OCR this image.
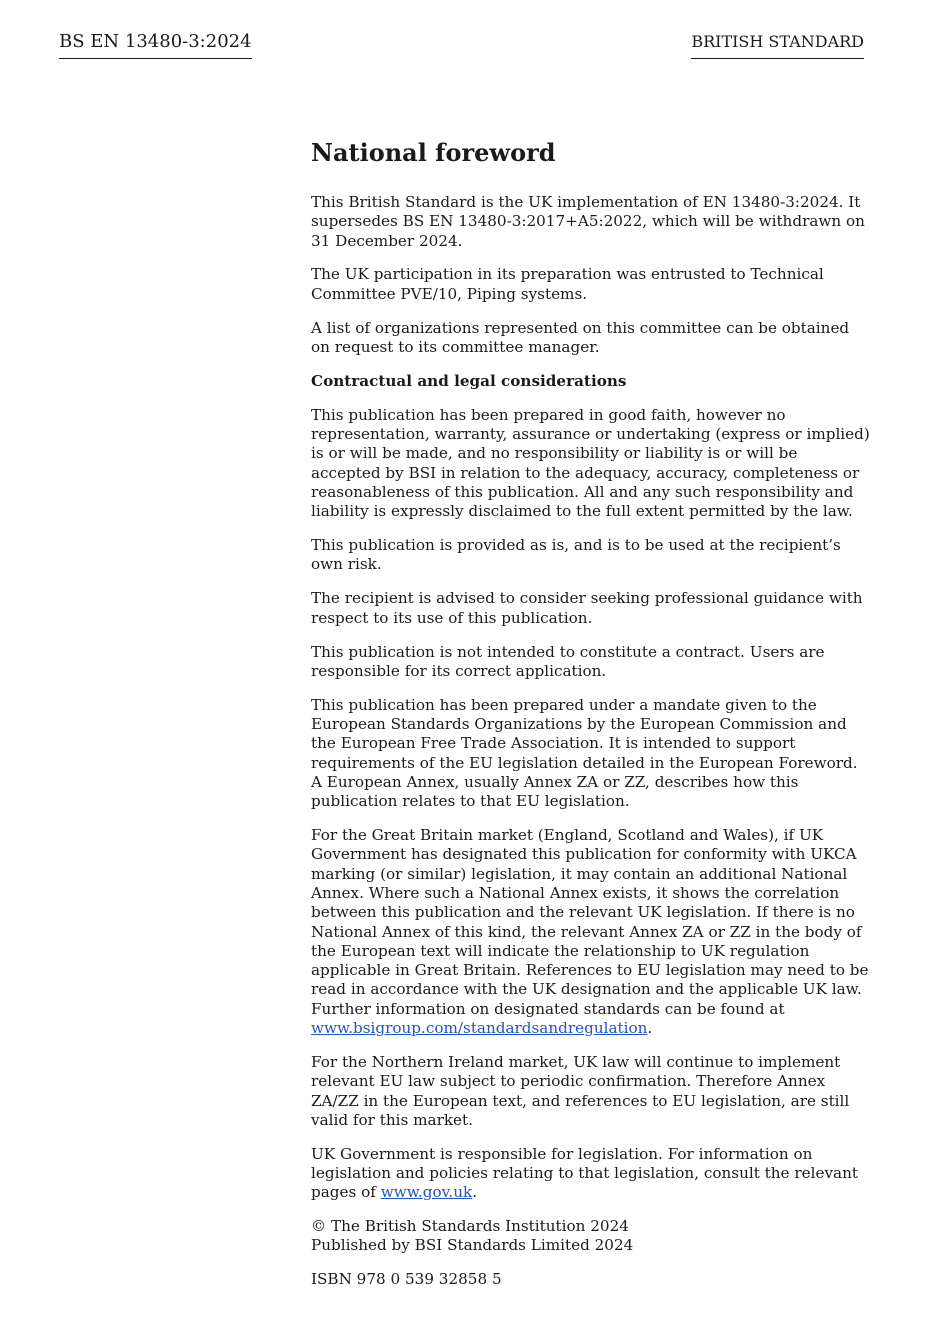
BS EN 13480-3:2024	BRITISH STANDARD
National foreword

This British Standard is the UK implementation of EN 13480-3:2024. It supersedes BS EN 13480-3:2017+A5:2022, which will be withdrawn on 31 December 2024.

The UK participation in its preparation was entrusted to Technical Committee PVE/10, Piping systems.

A list of organizations represented on this committee can be obtained on request to its committee manager.

Contractual and legal considerations

This publication has been prepared in good faith, however no representation, warranty, assurance or undertaking (express or implied) is or will be made, and no responsibility or liability is or will be accepted by BSI in relation to the adequacy, accuracy, completeness or reasonableness of this publication. All and any such responsibility and liability is expressly disclaimed to the full extent permitted by the law.

This publication is provided as is, and is to be used at the recipient’s own risk.

The recipient is advised to consider seeking professional guidance with respect to its use of this publication.

This publication is not intended to constitute a contract. Users are responsible for its correct application.

This publication has been prepared under a mandate given to the European Standards Organizations by the European Commission and the European Free Trade Association. It is intended to support requirements of the EU legislation detailed in the European Foreword. A European Annex, usually Annex ZA or ZZ, describes how this publication relates to that EU legislation.

For the Great Britain market (England, Scotland and Wales), if UK Government has designated this publication for conformity with UKCA marking (or similar) legislation, it may contain an additional National Annex. Where such a National Annex exists, it shows the correlation between this publication and the relevant UK legislation. If there is no National Annex of this kind, the relevant Annex ZA or ZZ in the body of the European text will indicate the relationship to UK regulation applicable in Great Britain. References to EU legislation may need to be read in accordance with the UK designation and the applicable UK law. Further information on designated standards can be found at www.bsigroup.com/standardsandregulation.

For the Northern Ireland market, UK law will continue to implement relevant EU law subject to periodic confirmation. Therefore Annex ZA/ZZ in the European text, and references to EU legislation, are still valid for this market.

UK Government is responsible for legislation. For information on legislation and policies relating to that legislation, consult the relevant pages of www.gov.uk.

© The British Standards Institution 2024
Published by BSI Standards Limited 2024

ISBN 978 0 539 32858 5
